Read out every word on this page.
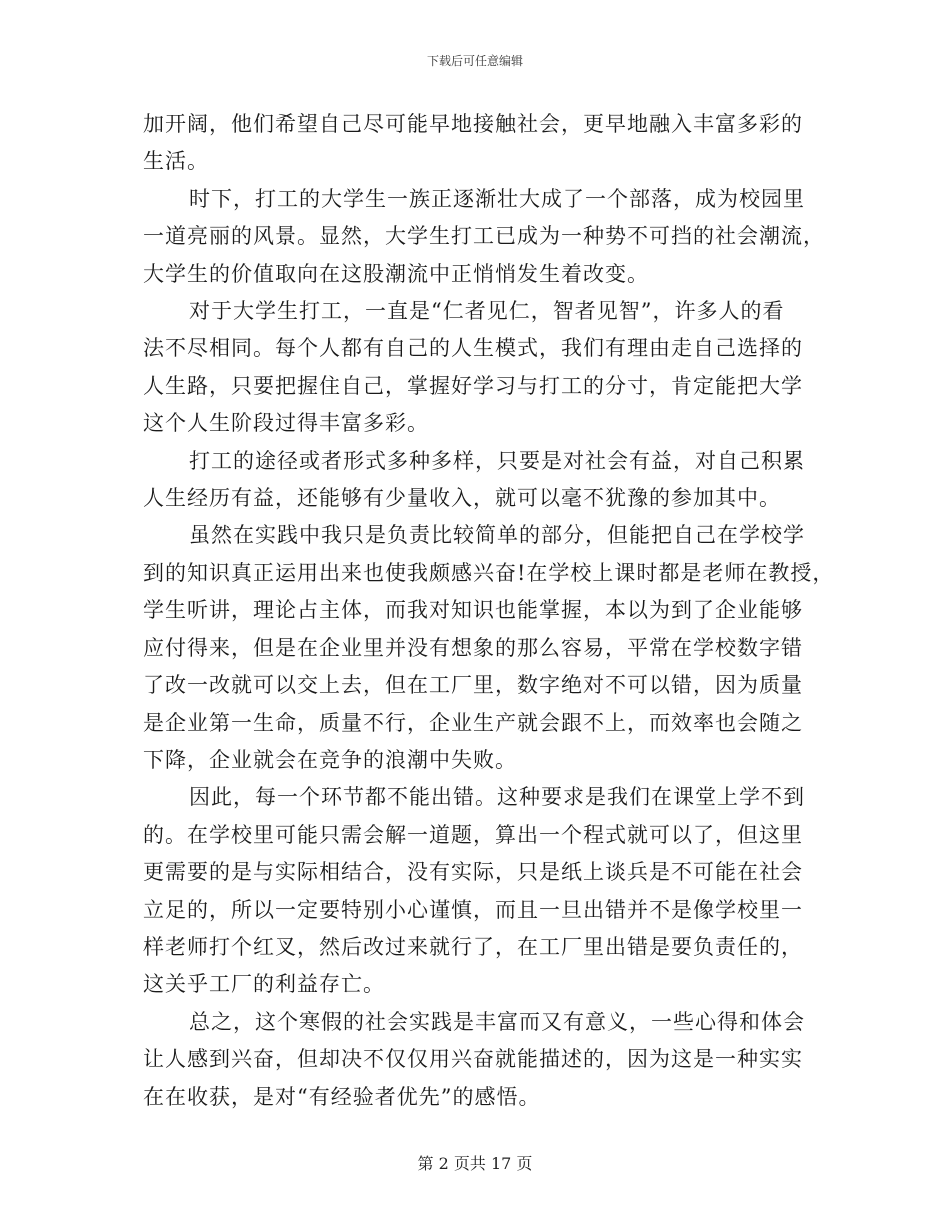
下载后可任意编辑

加开阔，他们希望自己尽可能早地接触社会，更早地融入丰富多彩的
生活。

时下，打工的大学生一族正逐渐壮大成了一个部落，成为校园里
一道亮丽的风景。显然，大学生打工已成为一种势不可挡的社会潮流，
大学生的价值取向在这股潮流中正悄悄发生着改变。

对于大学生打工，一直是“仁者见仁，智者见智”，许多人的看
法不尽相同。每个人都有自己的人生模式，我们有理由走自己选择的
人生路，只要把握住自己，掌握好学习与打工的分寸，肯定能把大学
这个人生阶段过得丰富多彩。

打工的途径或者形式多种多样，只要是对社会有益，对自己积累
人生经历有益，还能够有少量收入，就可以毫不犹豫的参加其中。

虽然在实践中我只是负责比较简单的部分，但能把自己在学校学
到的知识真正运用出来也使我颇感兴奋!在学校上课时都是老师在教授，
学生听讲，理论占主体，而我对知识也能掌握，本以为到了企业能够
应付得来，但是在企业里并没有想象的那么容易，平常在学校数字错
了改一改就可以交上去，但在工厂里，数字绝对不可以错，因为质量
是企业第一生命，质量不行，企业生产就会跟不上，而效率也会随之
下降，企业就会在竞争的浪潮中失败。

因此，每一个环节都不能出错。这种要求是我们在课堂上学不到
的。在学校里可能只需会解一道题，算出一个程式就可以了，但这里
更需要的是与实际相结合，没有实际，只是纸上谈兵是不可能在社会
立足的，所以一定要特别小心谨慎，而且一旦出错并不是像学校里一
样老师打个红叉，然后改过来就行了，在工厂里出错是要负责任的，
这关乎工厂的利益存亡。

总之，这个寒假的社会实践是丰富而又有意义，一些心得和体会
让人感到兴奋，但却决不仅仅用兴奋就能描述的，因为这是一种实实
在在收获，是对“有经验者优先”的感悟。

第 2 页共 17 页
